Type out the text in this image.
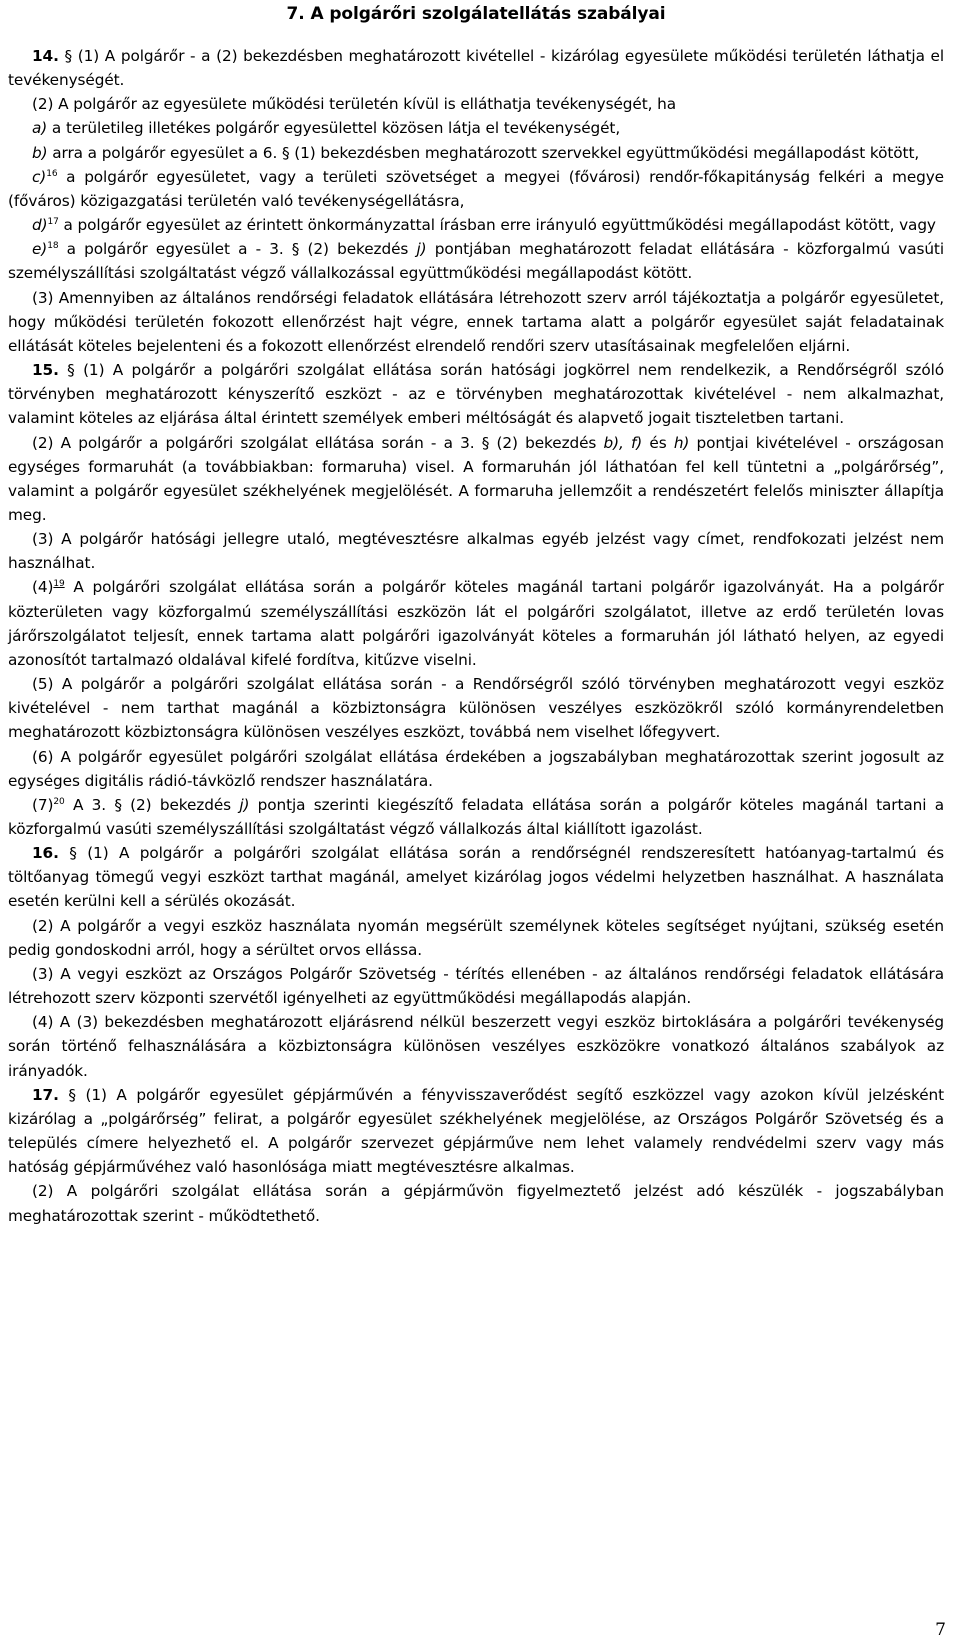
7. A polgárőri szolgálatellátás szabályai

14. § (1) A polgárőr - a (2) bekezdésben meghatározott kivétellel - kizárólag egyesülete működési területén láthatja el tevékenységét.

(2) A polgárőr az egyesülete működési területén kívül is elláthatja tevékenységét, ha

a) a területileg illetékes polgárőr egyesülettel közösen látja el tevékenységét,

b) arra a polgárőr egyesület a 6. § (1) bekezdésben meghatározott szervekkel együttműködési megállapodást kötött,

c)$^{16}$ a polgárőr egyesületet, vagy a területi szövetséget a megyei (fővárosi) rendőr-főkapitányság felkéri a megye (főváros) közigazgatási területén való tevékenységellátásra,

d)$^{17}$ a polgárőr egyesület az érintett önkormányzattal írásban erre irányuló együttműködési megállapodást kötött, vagy

e)$^{18}$ a polgárőr egyesület a - 3. § (2) bekezdés j) pontjában meghatározott feladat ellátására - közforgalmú vasúti személyszállítási szolgáltatást végző vállalkozással együttműködési megállapodást kötött.

(3) Amennyiben az általános rendőrségi feladatok ellátására létrehozott szerv arról tájékoztatja a polgárőr egyesületet, hogy működési területén fokozott ellenőrzést hajt végre, ennek tartama alatt a polgárőr egyesület saját feladatainak ellátását köteles bejelenteni és a fokozott ellenőrzést elrendelő rendőri szerv utasításainak megfelelően eljárni.

15. § (1) A polgárőr a polgárőri szolgálat ellátása során hatósági jogkörrel nem rendelkezik, a Rendőrségről szóló törvényben meghatározott kényszerítő eszközt - az e törvényben meghatározottak kivételével - nem alkalmazhat, valamint köteles az eljárása által érintett személyek emberi méltóságát és alapvető jogait tiszteletben tartani.

(2) A polgárőr a polgárőri szolgálat ellátása során - a 3. § (2) bekezdés b), f) és h) pontjai kivételével - országosan egységes formaruhát (a továbbiakban: formaruha) visel. A formaruhán jól láthatóan fel kell tüntetni a „polgárőrség”, valamint a polgárőr egyesület székhelyének megjelölését. A formaruha jellemzőit a rendészetért felelős miniszter állapítja meg.

(3) A polgárőr hatósági jellegre utaló, megtévesztésre alkalmas egyéb jelzést vagy címet, rendfokozati jelzést nem használhat.

$(4)^{19}$ A polgárőri szolgálat ellátása során a polgárőr köteles magánál tartani polgárőr igazolványát. Ha a polgárőr közterületen vagy közforgalmú személyszállítási eszközön lát el polgárőri szolgálatot, illetve az erdő területén lovas járőrszolgálatot teljesít, ennek tartama alatt polgárőri igazolványát köteles a formaruhán jól látható helyen, az egyedi azonosítót tartalmazó oldalával kifelé fordítva, kitűzve viselni.

(5) A polgárőr a polgárőri szolgálat ellátása során - a Rendőrségről szóló törvényben meghatározott vegyi eszköz kivételével - nem tarthat magánál a közbiztonságra különösen veszélyes eszközökről szóló kormányrendeletben meghatározott közbiztonságra különösen veszélyes eszközt, továbbá nem viselhet lőfegyvert.

(6) A polgárőr egyesület polgárőri szolgálat ellátása érdekében a jogszabályban meghatározottak szerint jogosult az egységes digitális rádió-távközlő rendszer használatára.

$(7)^{20}$ A 3. § (2) bekezdés j) pontja szerinti kiegészítő feladata ellátása során a polgárőr köteles magánál tartani a közforgalmú vasúti személyszállítási szolgáltatást végző vállalkozás által kiállított igazolást.

16. § (1) A polgárőr a polgárőri szolgálat ellátása során a rendőrségnél rendszeresített hatóanyag-tartalmú és töltőanyag tömegű vegyi eszközt tarthat magánál, amelyet kizárólag jogos védelmi helyzetben használhat. A használata esetén kerülni kell a sérülés okozását.

(2) A polgárőr a vegyi eszköz használata nyomán megsérült személynek köteles segítséget nyújtani, szükség esetén pedig gondoskodni arról, hogy a sérültet orvos ellássa.

(3) A vegyi eszközt az Országos Polgárőr Szövetség - térítés ellenében - az általános rendőrségi feladatok ellátására létrehozott szerv központi szervétől igényelheti az együttműködési megállapodás alapján.

(4) A (3) bekezdésben meghatározott eljárásrend nélkül beszerzett vegyi eszköz birtoklására a polgárőri tevékenység során történő felhasználására a közbiztonságra különösen veszélyes eszközökre vonatkozó általános szabályok az irányadók.

17. § (1) A polgárőr egyesület gépjárművén a fényvisszaverődést segítő eszközzel vagy azokon kívül jelzésként kizárólag a „polgárőrség” felirat, a polgárőr egyesület székhelyének megjelölése, az Országos Polgárőr Szövetség és a település címere helyezhető el. A polgárőr szervezet gépjárműve nem lehet valamely rendvédelmi szerv vagy más hatóság gépjárművéhez való hasonlósága miatt megtévesztésre alkalmas.

(2) A polgárőri szolgálat ellátása során a gépjárművön figyelmeztető jelzést adó készülék - jogszabályban meghatározottak szerint - működtethető.

7
